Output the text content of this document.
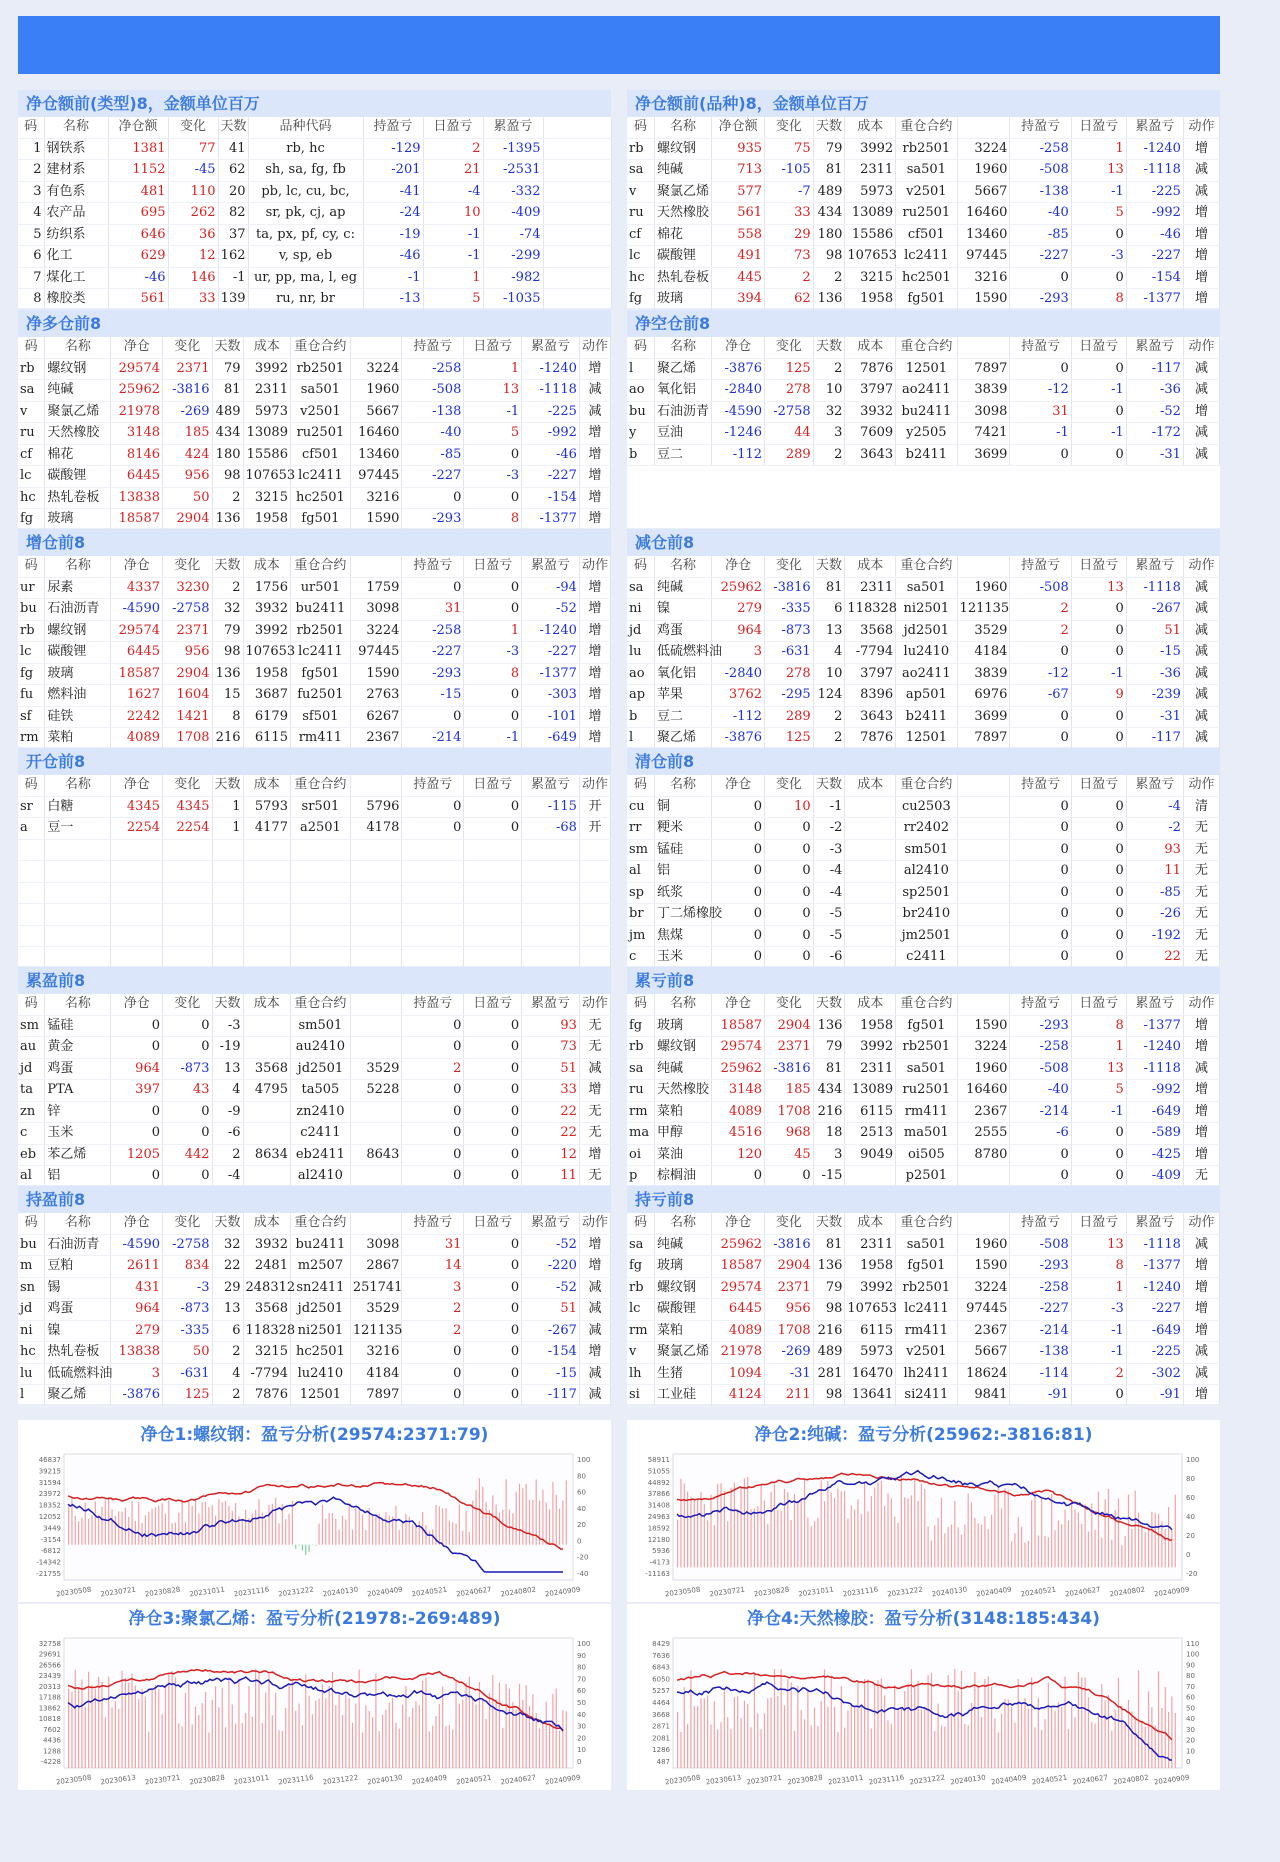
净仓额前(类型)8，金额单位百万
码	名称	净仓额	变化	天数	品种代码	持盈亏	日盈亏	累盈亏	
1	钢铁系	1381	77	41	rb, hc	-129	2	-1395	
2	建材系	1152	-45	62	sh, sa, fg, fb	-201	21	-2531	
3	有色系	481	110	20	pb, lc, cu, bc,	-41	-4	-332	
4	农产品	695	262	82	sr, pk, cj, ap	-24	10	-409	
5	纺织系	646	36	37	ta, px, pf, cy, c:	-19	-1	-74	
6	化工	629	12	162	v, sp, eb	-46	-1	-299	
7	煤化工	-46	146	-1	ur, pp, ma, l, eg	-1	1	-982	
8	橡胶类	561	33	139	ru, nr, br	-13	5	-1035	
净仓额前(品种)8，金额单位百万
码	名称	净仓额	变化	天数	成本	重仓合约		持盈亏	日盈亏	累盈亏	动作
rb	螺纹钢	935	75	79	3992	rb2501	3224	-258	1	-1240	增
sa	纯碱	713	-105	81	2311	sa501	1960	-508	13	-1118	减
v	聚氯乙烯	577	-7	489	5973	v2501	5667	-138	-1	-225	减
ru	天然橡胶	561	33	434	13089	ru2501	16460	-40	5	-992	增
cf	棉花	558	29	180	15586	cf501	13460	-85	0	-46	增
lc	碳酸锂	491	73	98	107653	lc2411	97445	-227	-3	-227	增
hc	热轧卷板	445	2	2	3215	hc2501	3216	0	0	-154	增
fg	玻璃	394	62	136	1958	fg501	1590	-293	8	-1377	增
净多仓前8
码	名称	净仓	变化	天数	成本	重仓合约		持盈亏	日盈亏	累盈亏	动作
rb	螺纹钢	29574	2371	79	3992	rb2501	3224	-258	1	-1240	增
sa	纯碱	25962	-3816	81	2311	sa501	1960	-508	13	-1118	减
v	聚氯乙烯	21978	-269	489	5973	v2501	5667	-138	-1	-225	减
ru	天然橡胶	3148	185	434	13089	ru2501	16460	-40	5	-992	增
cf	棉花	8146	424	180	15586	cf501	13460	-85	0	-46	增
lc	碳酸锂	6445	956	98	107653	lc2411	97445	-227	-3	-227	增
hc	热轧卷板	13838	50	2	3215	hc2501	3216	0	0	-154	增
fg	玻璃	18587	2904	136	1958	fg501	1590	-293	8	-1377	增
净空仓前8
码	名称	净仓	变化	天数	成本	重仓合约		持盈亏	日盈亏	累盈亏	动作
l	聚乙烯	-3876	125	2	7876	12501	7897	0	0	-117	减
ao	氧化铝	-2840	278	10	3797	ao2411	3839	-12	-1	-36	减
bu	石油沥青	-4590	-2758	32	3932	bu2411	3098	31	0	-52	增
y	豆油	-1246	44	3	7609	y2505	7421	-1	-1	-172	减
b	豆二	-112	289	2	3643	b2411	3699	0	0	-31	减
增仓前8
码	名称	净仓	变化	天数	成本	重仓合约		持盈亏	日盈亏	累盈亏	动作
ur	尿素	4337	3230	2	1756	ur501	1759	0	0	-94	增
bu	石油沥青	-4590	-2758	32	3932	bu2411	3098	31	0	-52	增
rb	螺纹钢	29574	2371	79	3992	rb2501	3224	-258	1	-1240	增
lc	碳酸锂	6445	956	98	107653	lc2411	97445	-227	-3	-227	增
fg	玻璃	18587	2904	136	1958	fg501	1590	-293	8	-1377	增
fu	燃料油	1627	1604	15	3687	fu2501	2763	-15	0	-303	增
sf	硅铁	2242	1421	8	6179	sf501	6267	0	0	-101	增
rm	菜粕	4089	1708	216	6115	rm411	2367	-214	-1	-649	增
减仓前8
码	名称	净仓	变化	天数	成本	重仓合约		持盈亏	日盈亏	累盈亏	动作
sa	纯碱	25962	-3816	81	2311	sa501	1960	-508	13	-1118	减
ni	镍	279	-335	6	118328	ni2501	121135	2	0	-267	减
jd	鸡蛋	964	-873	13	3568	jd2501	3529	2	0	51	减
lu	低硫燃料油	3	-631	4	-7794	lu2410	4184	0	0	-15	减
ao	氧化铝	-2840	278	10	3797	ao2411	3839	-12	-1	-36	减
ap	苹果	3762	-295	124	8396	ap501	6976	-67	9	-239	减
b	豆二	-112	289	2	3643	b2411	3699	0	0	-31	减
l	聚乙烯	-3876	125	2	7876	12501	7897	0	0	-117	减
开仓前8
码	名称	净仓	变化	天数	成本	重仓合约		持盈亏	日盈亏	累盈亏	动作
sr	白糖	4345	4345	1	5793	sr501	5796	0	0	-115	开
a	豆一	2254	2254	1	4177	a2501	4178	0	0	-68	开

清仓前8
码	名称	净仓	变化	天数	成本	重仓合约		持盈亏	日盈亏	累盈亏	动作
cu	铜	0	10	-1		cu2503		0	0	-4	清
rr	粳米	0	0	-2		rr2402		0	0	-2	无
sm	锰硅	0	0	-3		sm501		0	0	93	无
al	铝	0	0	-4		al2410		0	0	11	无
sp	纸浆	0	0	-4		sp2501		0	0	-85	无
br	丁二烯橡胶	0	0	-5		br2410		0	0	-26	无
jm	焦煤	0	0	-5		jm2501		0	0	-192	无
c	玉米	0	0	-6		c2411		0	0	22	无
累盈前8
码	名称	净仓	变化	天数	成本	重仓合约		持盈亏	日盈亏	累盈亏	动作
sm	锰硅	0	0	-3		sm501		0	0	93	无
au	黄金	0	0	-19		au2410		0	0	73	无
jd	鸡蛋	964	-873	13	3568	jd2501	3529	2	0	51	减
ta	PTA	397	43	4	4795	ta505	5228	0	0	33	增
zn	锌	0	0	-9		zn2410		0	0	22	无
c	玉米	0	0	-6		c2411		0	0	22	无
eb	苯乙烯	1205	442	2	8634	eb2411	8643	0	0	12	增
al	铝	0	0	-4		al2410		0	0	11	无
累亏前8
码	名称	净仓	变化	天数	成本	重仓合约		持盈亏	日盈亏	累盈亏	动作
fg	玻璃	18587	2904	136	1958	fg501	1590	-293	8	-1377	增
rb	螺纹钢	29574	2371	79	3992	rb2501	3224	-258	1	-1240	增
sa	纯碱	25962	-3816	81	2311	sa501	1960	-508	13	-1118	减
ru	天然橡胶	3148	185	434	13089	ru2501	16460	-40	5	-992	增
rm	菜粕	4089	1708	216	6115	rm411	2367	-214	-1	-649	增
ma	甲醇	4516	968	18	2513	ma501	2555	-6	0	-589	增
oi	菜油	120	45	3	9049	oi505	8780	0	0	-425	增
p	棕榈油	0	0	-15		p2501		0	0	-409	无
持盈前8
码	名称	净仓	变化	天数	成本	重仓合约		持盈亏	日盈亏	累盈亏	动作
bu	石油沥青	-4590	-2758	32	3932	bu2411	3098	31	0	-52	增
m	豆粕	2611	834	22	2481	m2507	2867	14	0	-220	增
sn	锡	431	-3	29	248312	sn2411	251741	3	0	-52	减
jd	鸡蛋	964	-873	13	3568	jd2501	3529	2	0	51	减
ni	镍	279	-335	6	118328	ni2501	121135	2	0	-267	减
hc	热轧卷板	13838	50	2	3215	hc2501	3216	0	0	-154	增
lu	低硫燃料油	3	-631	4	-7794	lu2410	4184	0	0	-15	减
l	聚乙烯	-3876	125	2	7876	12501	7897	0	0	-117	减
持亏前8
码	名称	净仓	变化	天数	成本	重仓合约		持盈亏	日盈亏	累盈亏	动作
sa	纯碱	25962	-3816	81	2311	sa501	1960	-508	13	-1118	减
fg	玻璃	18587	2904	136	1958	fg501	1590	-293	8	-1377	增
rb	螺纹钢	29574	2371	79	3992	rb2501	3224	-258	1	-1240	增
lc	碳酸锂	6445	956	98	107653	lc2411	97445	-227	-3	-227	增
rm	菜粕	4089	1708	216	6115	rm411	2367	-214	-1	-649	增
v	聚氯乙烯	21978	-269	489	5973	v2501	5667	-138	-1	-225	减
lh	生猪	1094	-31	281	16470	lh2411	18624	-114	2	-302	减
si	工业硅	4124	211	98	13641	si2411	9841	-91	0	-91	增
净仓1:螺纹钢：盈亏分析(29574:2371:79)
46837
39215
31594
23972
18352
12052
3449
-3154
-6812
-14342
-21755
100
80
60
40
20
0
-20
-40
20230508 20230721 20230828 20231011 20231116 20231222 20240130 20240409 20240521 20240627 20240802 20240909
净仓2:纯碱：盈亏分析(25962:-3816:81)
58911
51055
44892
37866
31408
24963
18592
12180
5936
-4173
-11163
100
80
60
40
20
0
-20
20230508 20230721 20230828 20231011 20231116 20231222 20240130 20240409 20240521 20240627 20240802 20240909
净仓3:聚氯乙烯：盈亏分析(21978:-269:489)
32758
29691
26566
23439
20313
17188
13862
10818
7602
4436
1288
-4228
100
90
80
70
60
50
40
30
20
10
0
20230508 20230613 20230721 20230828 20231011 20231116 20231222 20240130 20240409 20240521 20240627 20240909
净仓4:天然橡胶：盈亏分析(3148:185:434)
8429
7636
6843
6050
5257
4464
3668
2871
2081
1286
487
110
100
90
80
70
60
50
40
30
20
10
0
20230508 20230613 20230721 20230828 20231011 20231116 20231222 20240130 20240409 20240521 20240627 20240802 20240909
